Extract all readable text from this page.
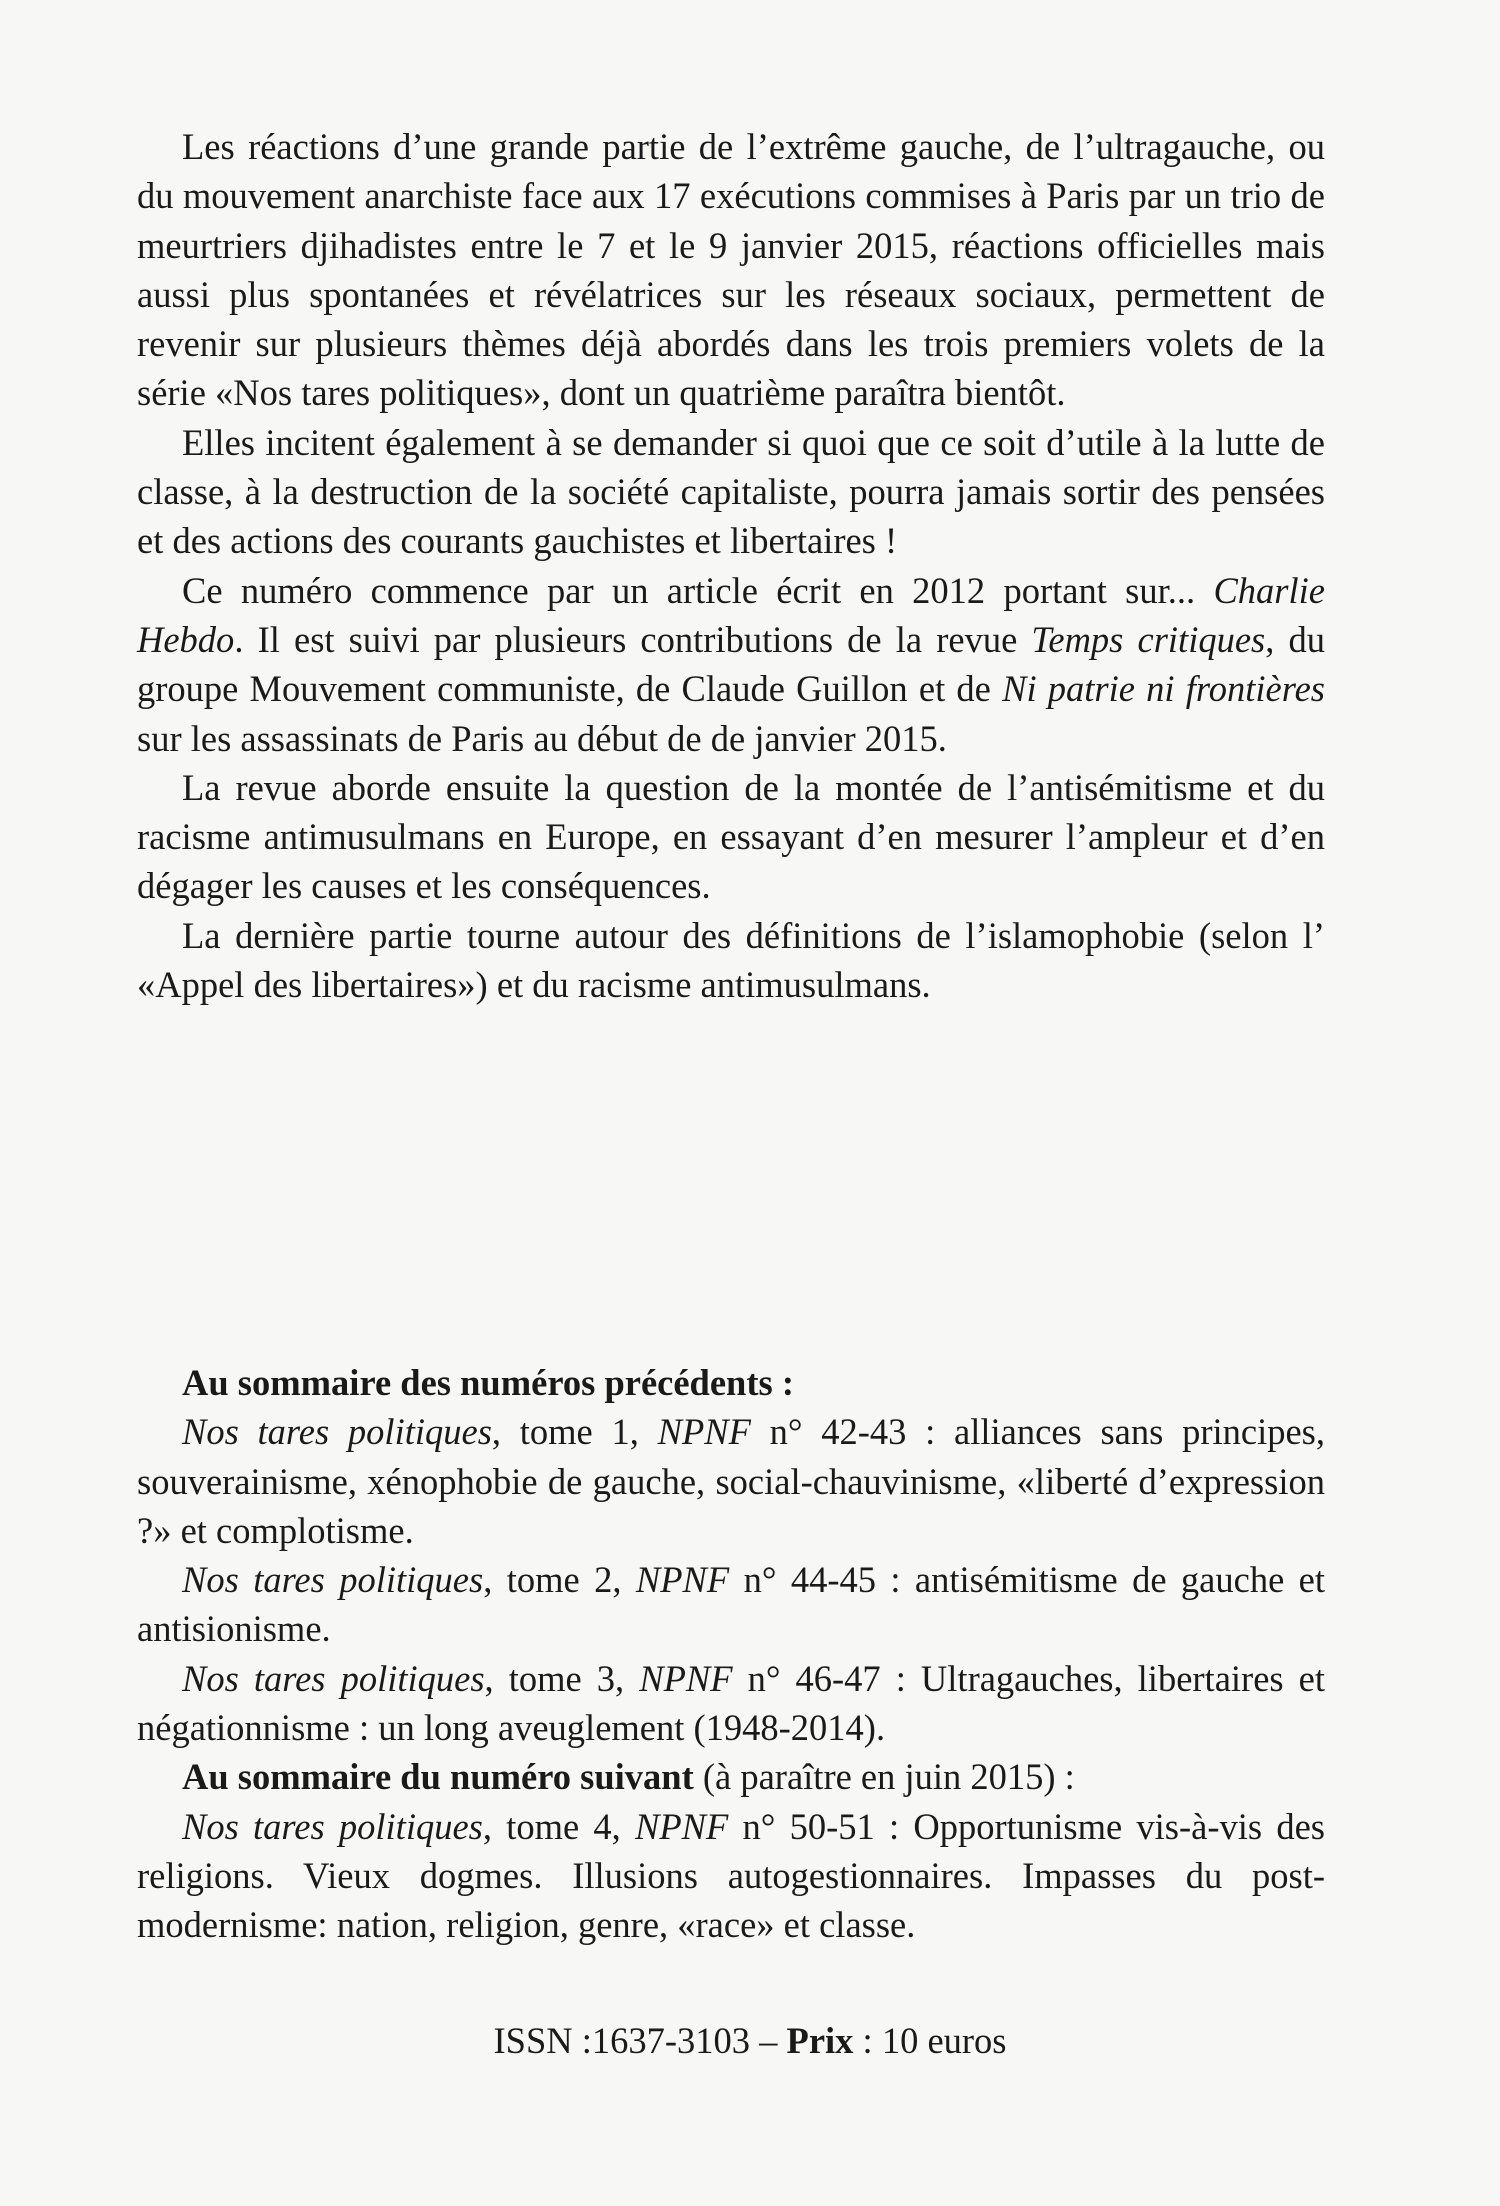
Les réactions d’une grande partie de l’extrême gauche, de l’ultragauche, ou du mouvement anarchiste face aux 17 exécutions commises à Paris par un trio de meurtriers djihadistes entre le 7 et le 9 janvier 2015, réactions officielles mais aussi plus spontanées et révélatrices sur les réseaux sociaux, permettent de revenir sur plusieurs thèmes déjà abordés dans les trois premiers volets de la série «Nos tares politiques», dont un quatrième paraîtra bientôt.

Elles incitent également à se demander si quoi que ce soit d’utile à la lutte de classe, à la destruction de la société capitaliste, pourra jamais sortir des pensées et des actions des courants gauchistes et libertaires !

Ce numéro commence par un article écrit en 2012 portant sur... Charlie Hebdo. Il est suivi par plusieurs contributions de la revue Temps critiques, du groupe Mouvement communiste, de Claude Guillon et de Ni patrie ni frontières sur les assassinats de Paris au début de de janvier 2015.

La revue aborde ensuite la question de la montée de l’antisémitisme et du racisme antimusulmans en Europe, en essayant d’en mesurer l’ampleur et d’en dégager les causes et les conséquences.

La dernière partie tourne autour des définitions de l’islamophobie (selon l’ «Appel des libertaires») et du racisme antimusulmans.

Au sommaire des numéros précédents :

Nos tares politiques, tome 1, NPNF n° 42-43 : alliances sans principes, souverainisme, xénophobie de gauche, social-chauvinisme, «liberté d’expression ?» et complotisme.

Nos tares politiques, tome 2, NPNF n° 44-45 : antisémitisme de gauche et antisionisme.

Nos tares politiques, tome 3, NPNF n° 46-47 : Ultragauches, libertaires et négationnisme : un long aveuglement (1948-2014).

Au sommaire du numéro suivant (à paraître en juin 2015) :

Nos tares politiques, tome 4, NPNF n° 50-51 : Opportunisme vis-à-vis des religions. Vieux dogmes. Illusions autogestionnaires. Impasses du post-modernisme: nation, religion, genre, «race» et classe.

ISSN :1637-3103 – Prix : 10 euros
